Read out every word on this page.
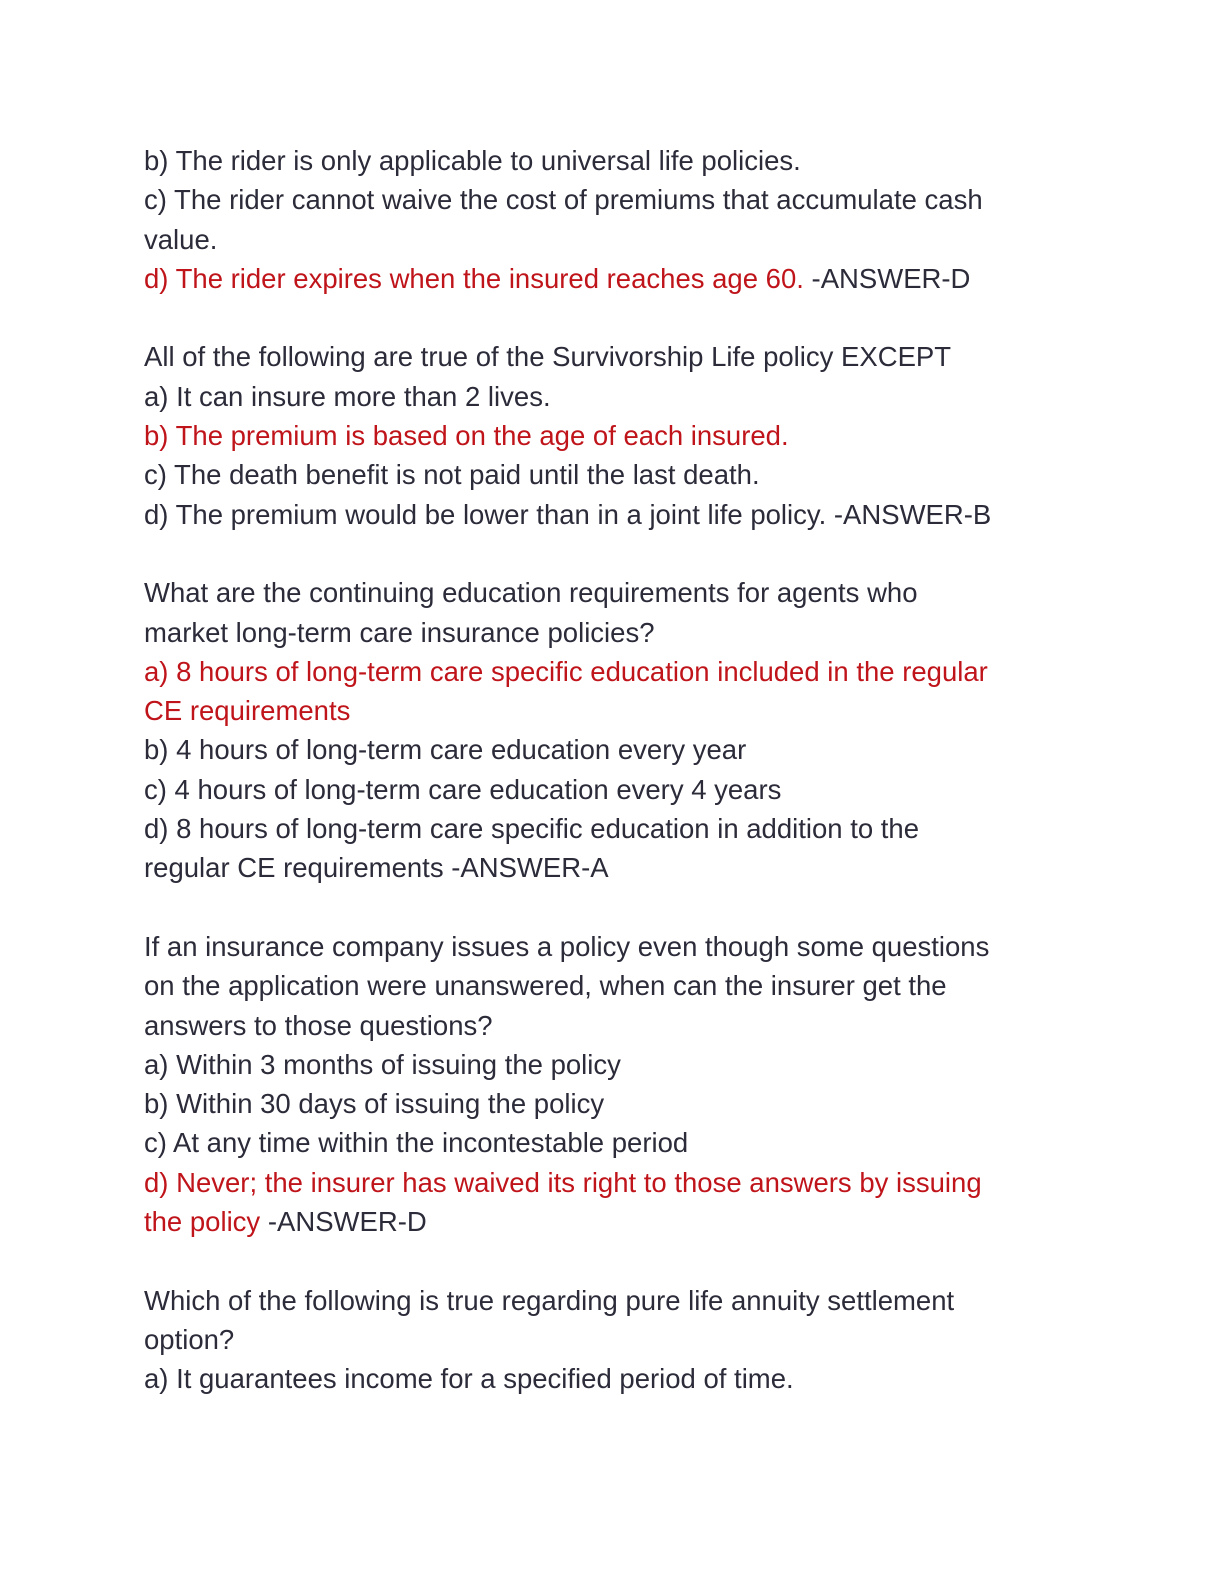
b) The rider is only applicable to universal life policies.
c) The rider cannot waive the cost of premiums that accumulate cash
value.
d) The rider expires when the insured reaches age 60. -ANSWER-D
All of the following are true of the Survivorship Life policy EXCEPT
a) It can insure more than 2 lives.
b) The premium is based on the age of each insured.
c) The death benefit is not paid until the last death.
d) The premium would be lower than in a joint life policy. -ANSWER-B
What are the continuing education requirements for agents who
market long-term care insurance policies?
a) 8 hours of long-term care specific education included in the regular
CE requirements
b) 4 hours of long-term care education every year
c) 4 hours of long-term care education every 4 years
d) 8 hours of long-term care specific education in addition to the
regular CE requirements -ANSWER-A
If an insurance company issues a policy even though some questions
on the application were unanswered, when can the insurer get the
answers to those questions?
a) Within 3 months of issuing the policy
b) Within 30 days of issuing the policy
c) At any time within the incontestable period
d) Never; the insurer has waived its right to those answers by issuing
the policy -ANSWER-D
Which of the following is true regarding pure life annuity settlement
option?
a) It guarantees income for a specified period of time.
